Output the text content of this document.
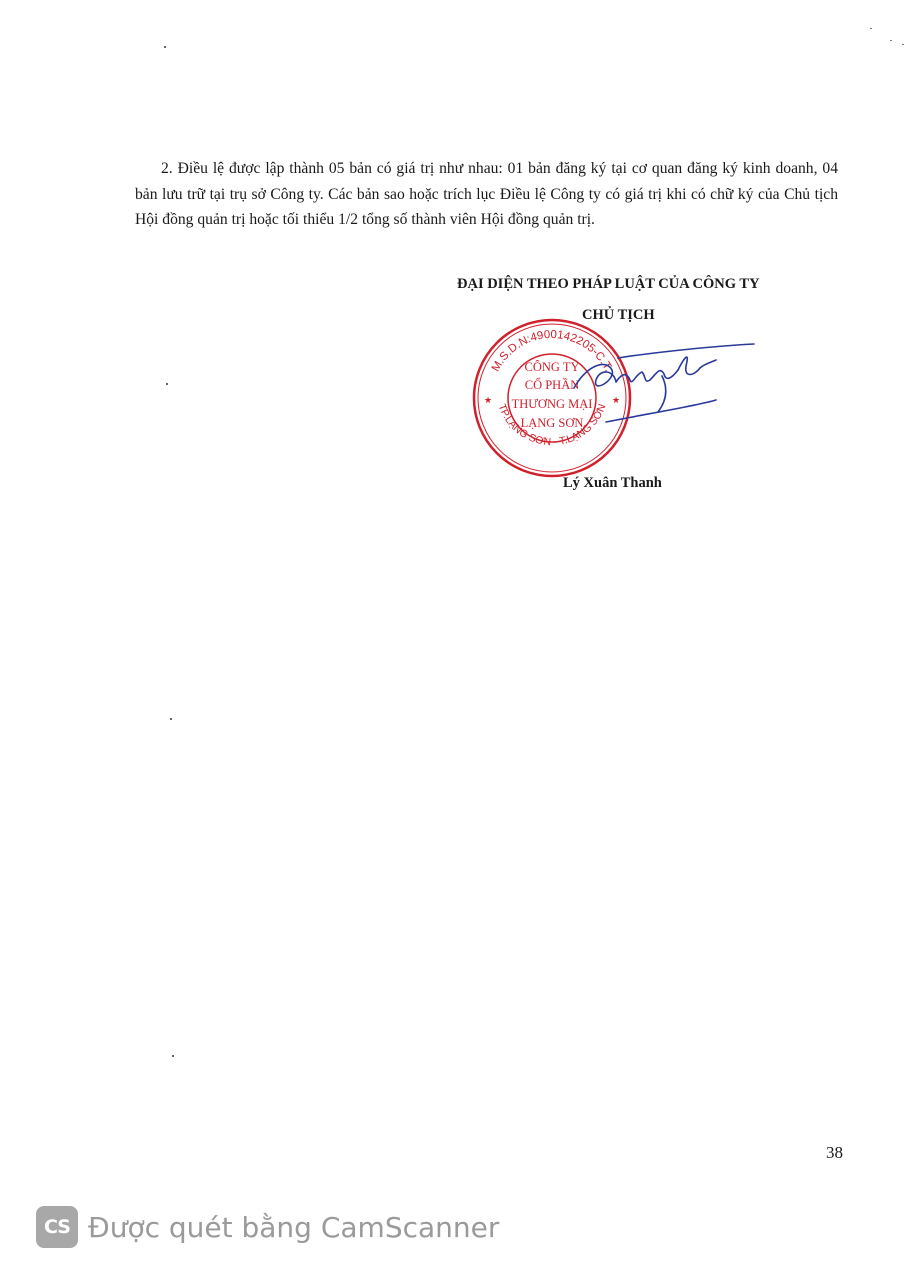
2. Điều lệ được lập thành 05 bản có giá trị như nhau: 01 bản đăng ký tại cơ quan đăng ký kinh doanh, 04 bản lưu trữ tại trụ sở Công ty. Các bản sao hoặc trích lục Điều lệ Công ty có giá trị khi có chữ ký của Chủ tịch Hội đồng quản trị hoặc tối thiểu 1/2 tổng số thành viên Hội đồng quản trị.

ĐẠI DIỆN THEO PHÁP LUẬT CỦA CÔNG TY
CHỦ TỊCH
M.S.D.N:4900142205-C.T.
TP.LẠNG SƠN - T.LẠNG SƠN
★	★
CÔNG TY
CỔ PHẦN
THƯƠNG MẠI
LẠNG SƠN
Lý Xuân Thanh
38
CS Được quét bằng CamScanner
